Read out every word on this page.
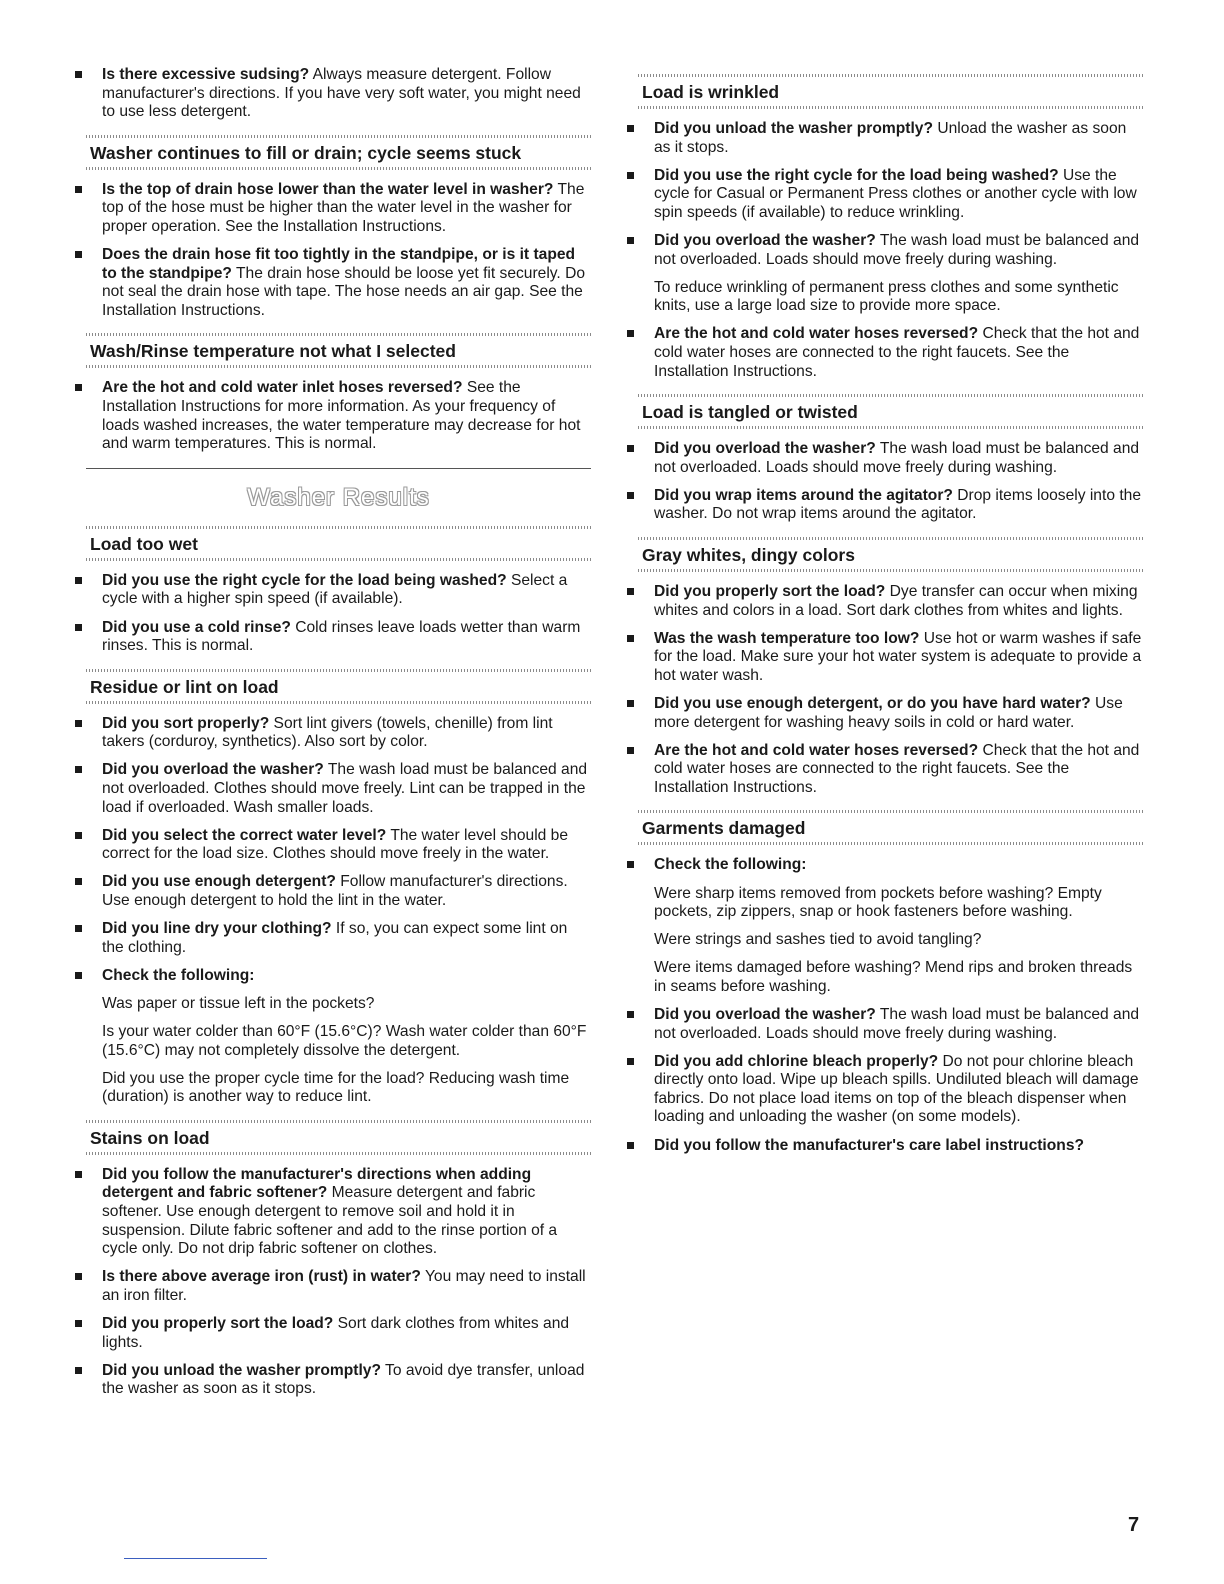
Is there excessive sudsing? Always measure detergent. Follow manufacturer's directions. If you have very soft water, you might need to use less detergent.
Washer continues to fill or drain; cycle seems stuck
Is the top of drain hose lower than the water level in washer? The top of the hose must be higher than the water level in the washer for proper operation. See the Installation Instructions.
Does the drain hose fit too tightly in the standpipe, or is it taped to the standpipe? The drain hose should be loose yet fit securely. Do not seal the drain hose with tape. The hose needs an air gap. See the Installation Instructions.
Wash/Rinse temperature not what I selected
Are the hot and cold water inlet hoses reversed? See the Installation Instructions for more information. As your frequency of loads washed increases, the water temperature may decrease for hot and warm temperatures. This is normal.
Washer Results
Load too wet
Did you use the right cycle for the load being washed? Select a cycle with a higher spin speed (if available).
Did you use a cold rinse? Cold rinses leave loads wetter than warm rinses. This is normal.
Residue or lint on load
Did you sort properly? Sort lint givers (towels, chenille) from lint takers (corduroy, synthetics). Also sort by color.
Did you overload the washer? The wash load must be balanced and not overloaded. Clothes should move freely. Lint can be trapped in the load if overloaded. Wash smaller loads.
Did you select the correct water level? The water level should be correct for the load size. Clothes should move freely in the water.
Did you use enough detergent? Follow manufacturer's directions. Use enough detergent to hold the lint in the water.
Did you line dry your clothing? If so, you can expect some lint on the clothing.
Check the following:
Was paper or tissue left in the pockets?
Is your water colder than 60°F (15.6°C)? Wash water colder than 60°F (15.6°C) may not completely dissolve the detergent.
Did you use the proper cycle time for the load? Reducing wash time (duration) is another way to reduce lint.
Stains on load
Did you follow the manufacturer's directions when adding detergent and fabric softener? Measure detergent and fabric softener. Use enough detergent to remove soil and hold it in suspension. Dilute fabric softener and add to the rinse portion of a cycle only. Do not drip fabric softener on clothes.
Is there above average iron (rust) in water? You may need to install an iron filter.
Did you properly sort the load? Sort dark clothes from whites and lights.
Did you unload the washer promptly? To avoid dye transfer, unload the washer as soon as it stops.
Load is wrinkled
Did you unload the washer promptly? Unload the washer as soon as it stops.
Did you use the right cycle for the load being washed? Use the cycle for Casual or Permanent Press clothes or another cycle with low spin speeds (if available) to reduce wrinkling.
Did you overload the washer? The wash load must be balanced and not overloaded. Loads should move freely during washing.
To reduce wrinkling of permanent press clothes and some synthetic knits, use a large load size to provide more space.
Are the hot and cold water hoses reversed? Check that the hot and cold water hoses are connected to the right faucets. See the Installation Instructions.
Load is tangled or twisted
Did you overload the washer? The wash load must be balanced and not overloaded. Loads should move freely during washing.
Did you wrap items around the agitator? Drop items loosely into the washer. Do not wrap items around the agitator.
Gray whites, dingy colors
Did you properly sort the load? Dye transfer can occur when mixing whites and colors in a load. Sort dark clothes from whites and lights.
Was the wash temperature too low? Use hot or warm washes if safe for the load. Make sure your hot water system is adequate to provide a hot water wash.
Did you use enough detergent, or do you have hard water? Use more detergent for washing heavy soils in cold or hard water.
Are the hot and cold water hoses reversed? Check that the hot and cold water hoses are connected to the right faucets. See the Installation Instructions.
Garments damaged
Check the following:
Were sharp items removed from pockets before washing? Empty pockets, zip zippers, snap or hook fasteners before washing.
Were strings and sashes tied to avoid tangling?
Were items damaged before washing? Mend rips and broken threads in seams before washing.
Did you overload the washer? The wash load must be balanced and not overloaded. Loads should move freely during washing.
Did you add chlorine bleach properly? Do not pour chlorine bleach directly onto load. Wipe up bleach spills. Undiluted bleach will damage fabrics. Do not place load items on top of the bleach dispenser when loading and unloading the washer (on some models).
Did you follow the manufacturer's care label instructions?
7
